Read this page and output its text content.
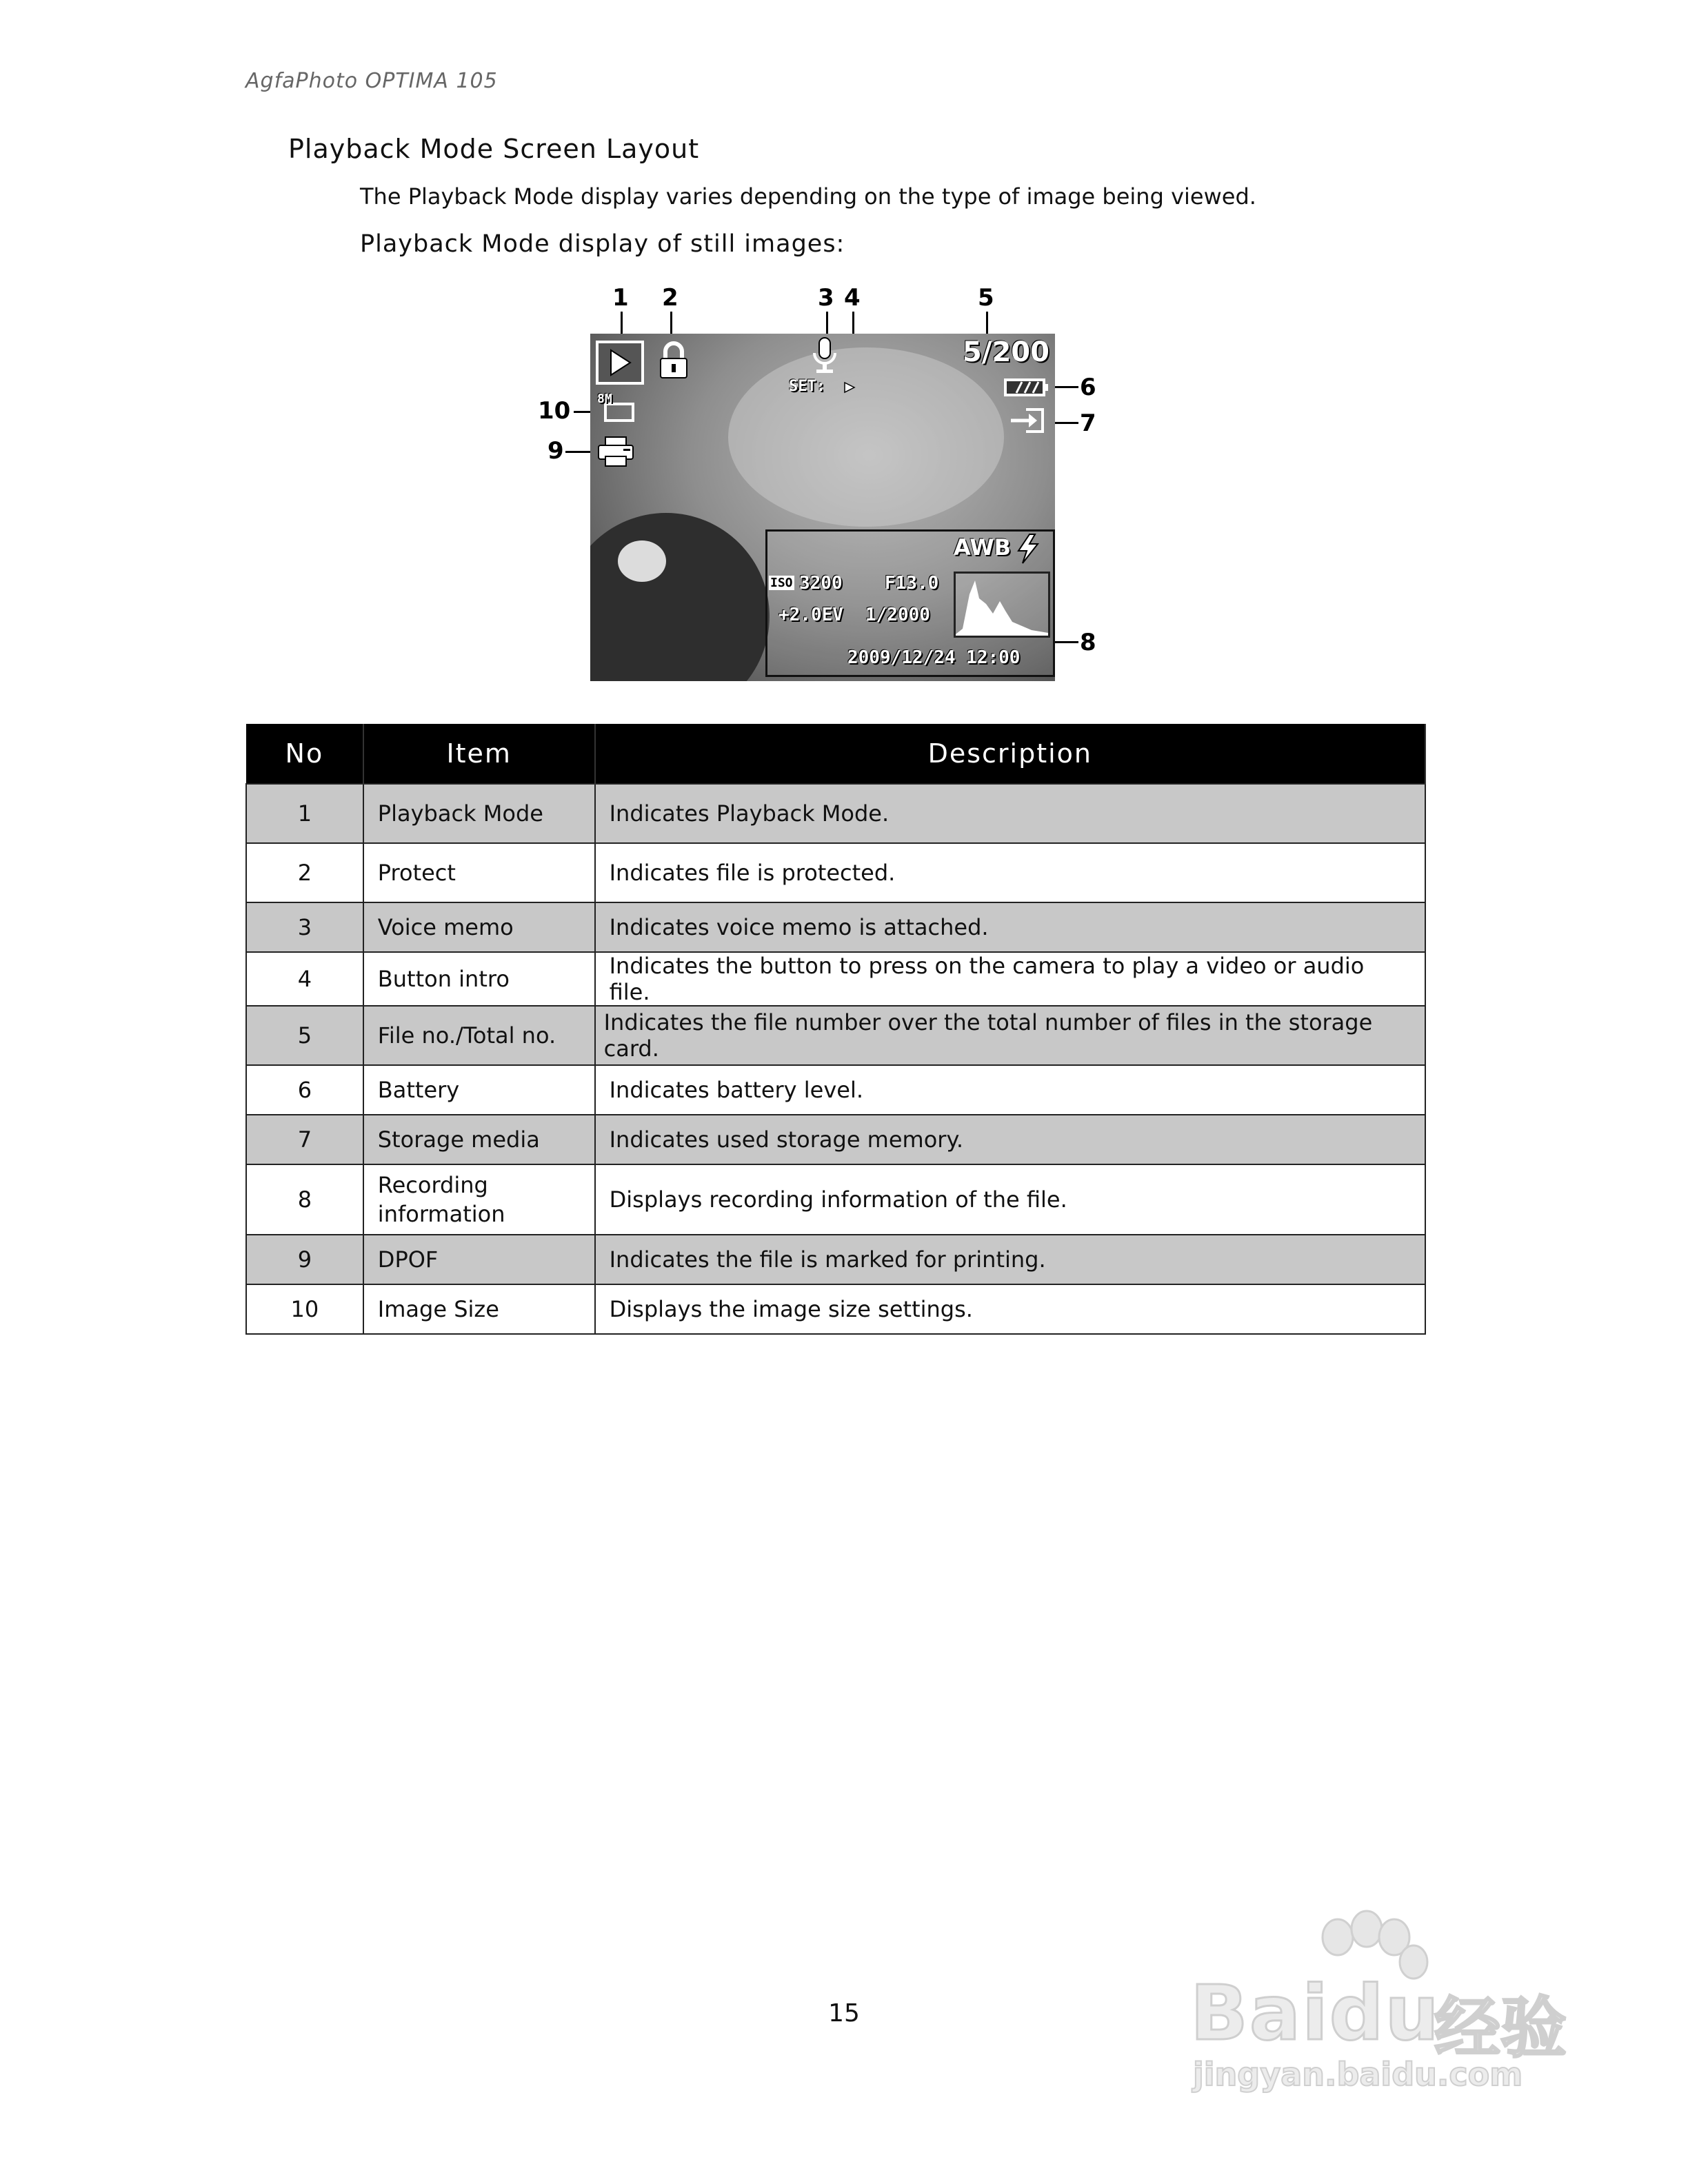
AgfaPhoto OPTIMA 105
Playback Mode Screen Layout
The Playback Mode display varies depending on the type of image being viewed.
Playback Mode display of still images:
1 2	3 4	5
6
7
8
9
10
SET:
5/200
8M
AWB
ISO 3200 F13.0
+2.0EV 1/2000
2009/12/24 12:00
No	Item	Description
1	Playback Mode	Indicates Playback Mode.
2	Protect	Indicates file is protected.
3	Voice memo	Indicates voice memo is attached.
4	Button intro	Indicates the button to press on the camera to play a video or audio file.
5	File no./Total no.	Indicates the file number over the total number of files in the storage card.
6	Battery	Indicates battery level.
7	Storage media	Indicates used storage memory.
8	Recording information	Displays recording information of the file.
9	DPOF	Indicates the file is marked for printing.
10	Image Size	Displays the image size settings.
15	Baidu
经验
jingyan.baidu.com
